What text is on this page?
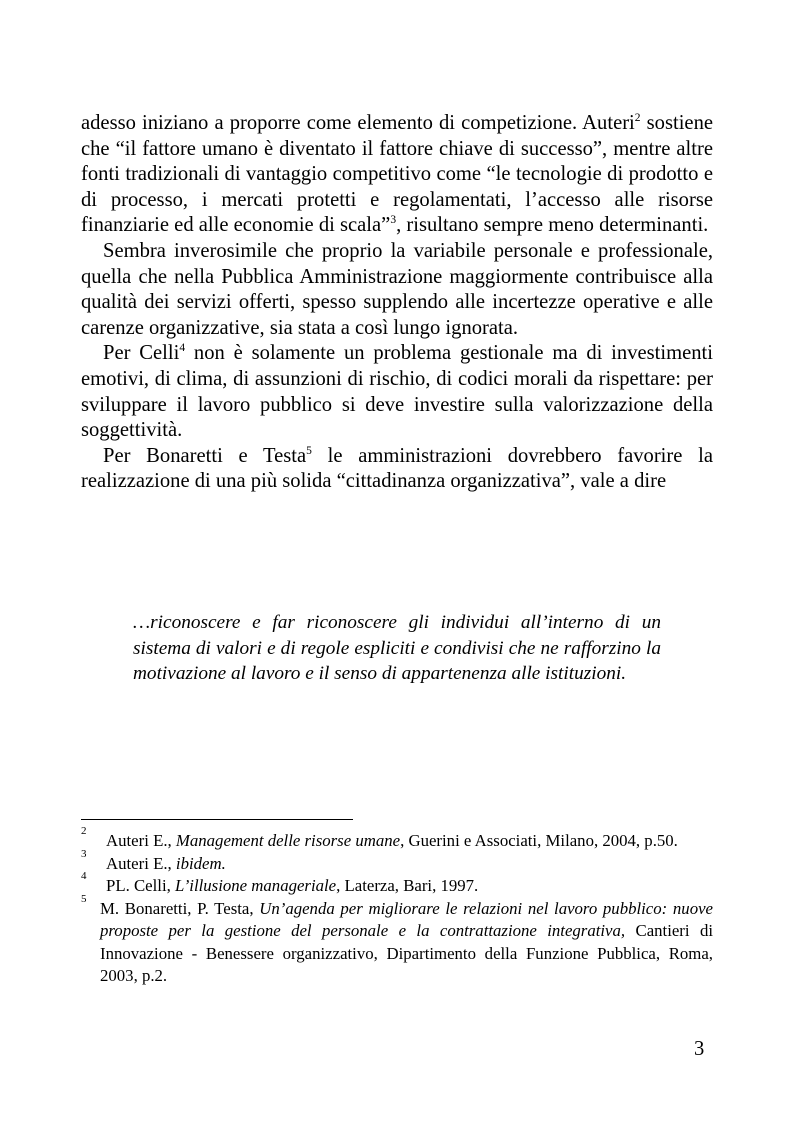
adesso iniziano a proporre come elemento di competizione. Auteri$^2$ sostiene che “il fattore umano è diventato il fattore chiave di successo”, mentre altre fonti tradizionali di vantaggio competitivo come “le tecnologie di prodotto e di processo, i mercati protetti e regolamentati, l’accesso alle risorse finanziarie ed alle economie di scala”$^3$, risultano sempre meno determinanti.

Sembra inverosimile che proprio la variabile personale e professionale, quella che nella Pubblica Amministrazione maggiormente contribuisce alla qualità dei servizi offerti, spesso supplendo alle incertezze operative e alle carenze organizzative, sia stata a così lungo ignorata.

Per Celli$^4$ non è solamente un problema gestionale ma di investimenti emotivi, di clima, di assunzioni di rischio, di codici morali da rispettare: per sviluppare il lavoro pubblico si deve investire sulla valorizzazione della soggettività.

Per Bonaretti e Testa$^5$ le amministrazioni dovrebbero favorire la realizzazione di una più solida “cittadinanza organizzativa”, vale a dire

…riconoscere e far riconoscere gli individui all’interno di un sistema di valori e di regole espliciti e condivisi che ne rafforzino la motivazione al lavoro e il senso di appartenenza alle istituzioni.

2 Auteri E., Management delle risorse umane, Guerini e Associati, Milano, 2004, p.50.
3 Auteri E., ibidem.
4 PL. Celli, L’illusione manageriale, Laterza, Bari, 1997.
5 M. Bonaretti, P. Testa, Un’agenda per migliorare le relazioni nel lavoro pubblico: nuove proposte per la gestione del personale e la contrattazione integrativa, Cantieri di Innovazione - Benessere organizzativo, Dipartimento della Funzione Pubblica, Roma, 2003, p.2.
3
